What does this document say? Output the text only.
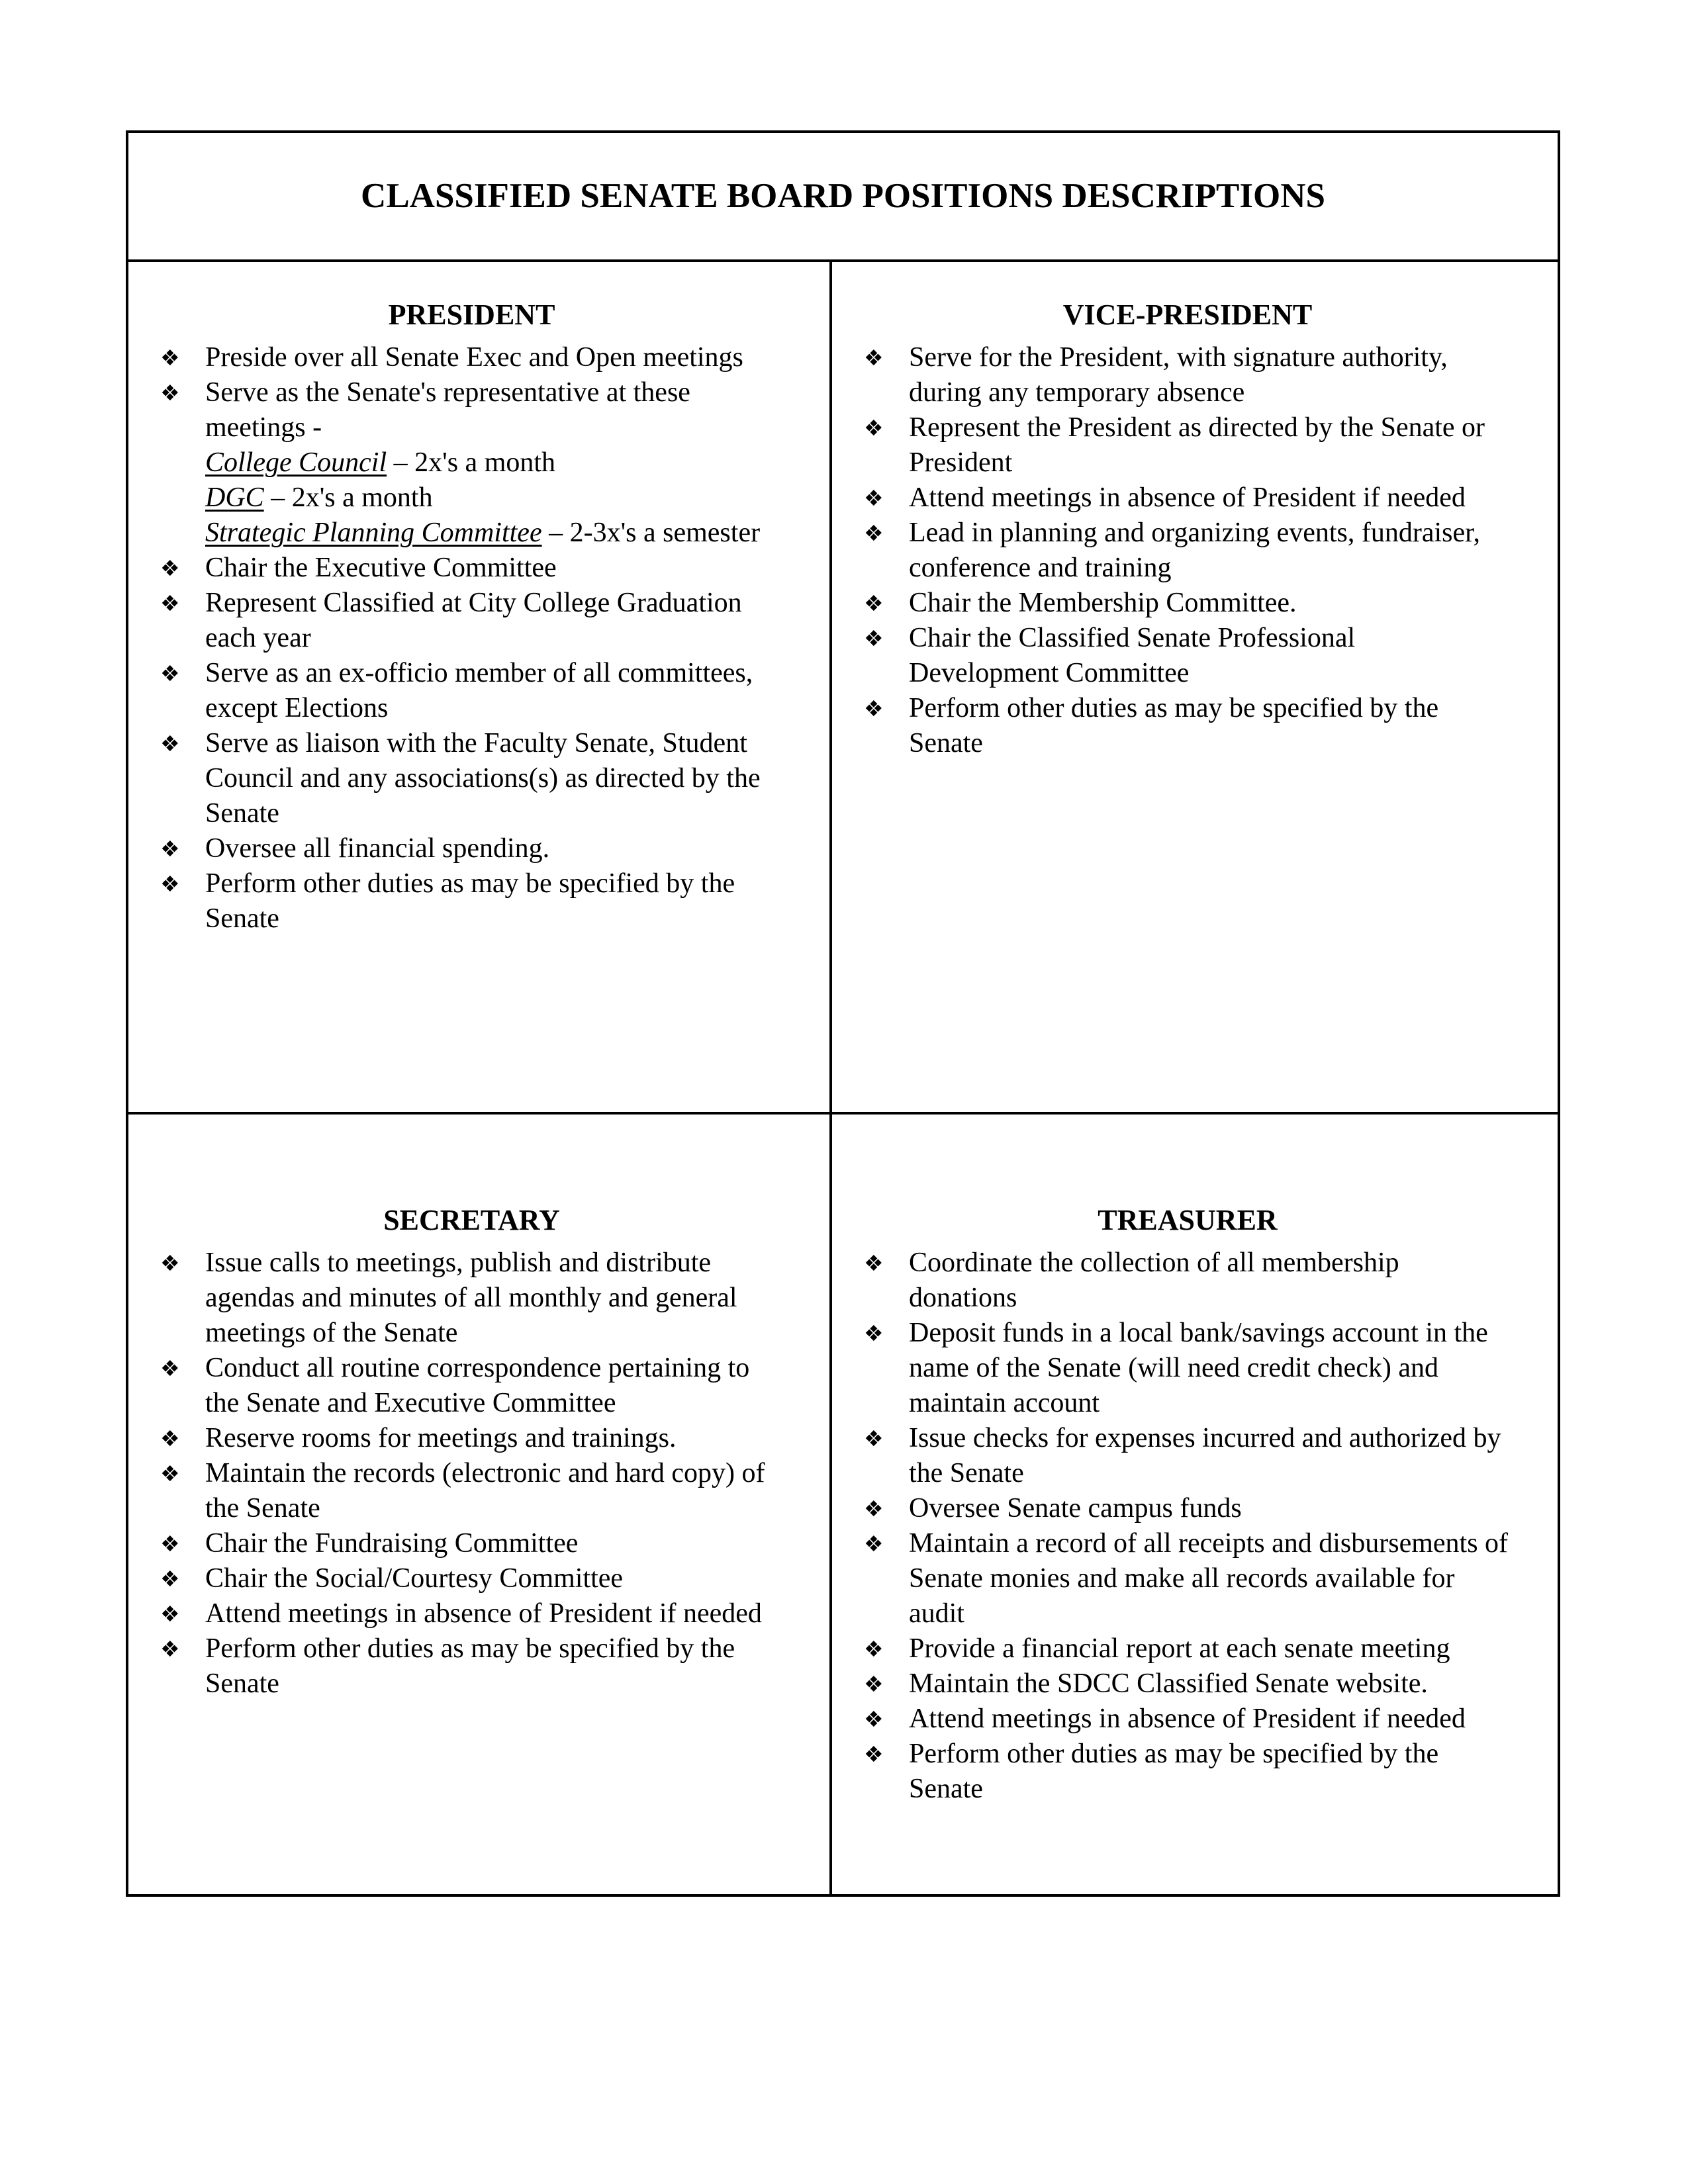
CLASSIFIED SENATE BOARD POSITIONS DESCRIPTIONS
PRESIDENT
❖ Preside over all Senate Exec and Open meetings
❖ Serve as the Senate's representative at these meetings -
College Council – 2x's a month
DGC – 2x's a month
Strategic Planning Committee – 2-3x's a semester
❖ Chair the Executive Committee
❖ Represent Classified at City College Graduation each year
❖ Serve as an ex-officio member of all committees, except Elections
❖ Serve as liaison with the Faculty Senate, Student Council and any associations(s) as directed by the Senate
❖ Oversee all financial spending.
❖ Perform other duties as may be specified by the Senate
VICE-PRESIDENT
❖ Serve for the President, with signature authority, during any temporary absence
❖ Represent the President as directed by the Senate or President
❖ Attend meetings in absence of President if needed
❖ Lead in planning and organizing events, fundraiser, conference and training
❖ Chair the Membership Committee.
❖ Chair the Classified Senate Professional Development Committee
❖ Perform other duties as may be specified by the Senate
SECRETARY
❖ Issue calls to meetings, publish and distribute agendas and minutes of all monthly and general meetings of the Senate
❖ Conduct all routine correspondence pertaining to the Senate and Executive Committee
❖ Reserve rooms for meetings and trainings.
❖ Maintain the records (electronic and hard copy) of the Senate
❖ Chair the Fundraising Committee
❖ Chair the Social/Courtesy Committee
❖ Attend meetings in absence of President if needed
❖ Perform other duties as may be specified by the Senate
TREASURER
❖ Coordinate the collection of all membership donations
❖ Deposit funds in a local bank/savings account in the name of the Senate (will need credit check) and maintain account
❖ Issue checks for expenses incurred and authorized by the Senate
❖ Oversee Senate campus funds
❖ Maintain a record of all receipts and disbursements of Senate monies and make all records available for audit
❖ Provide a financial report at each senate meeting
❖ Maintain the SDCC Classified Senate website.
❖ Attend meetings in absence of President if needed
❖ Perform other duties as may be specified by the Senate
